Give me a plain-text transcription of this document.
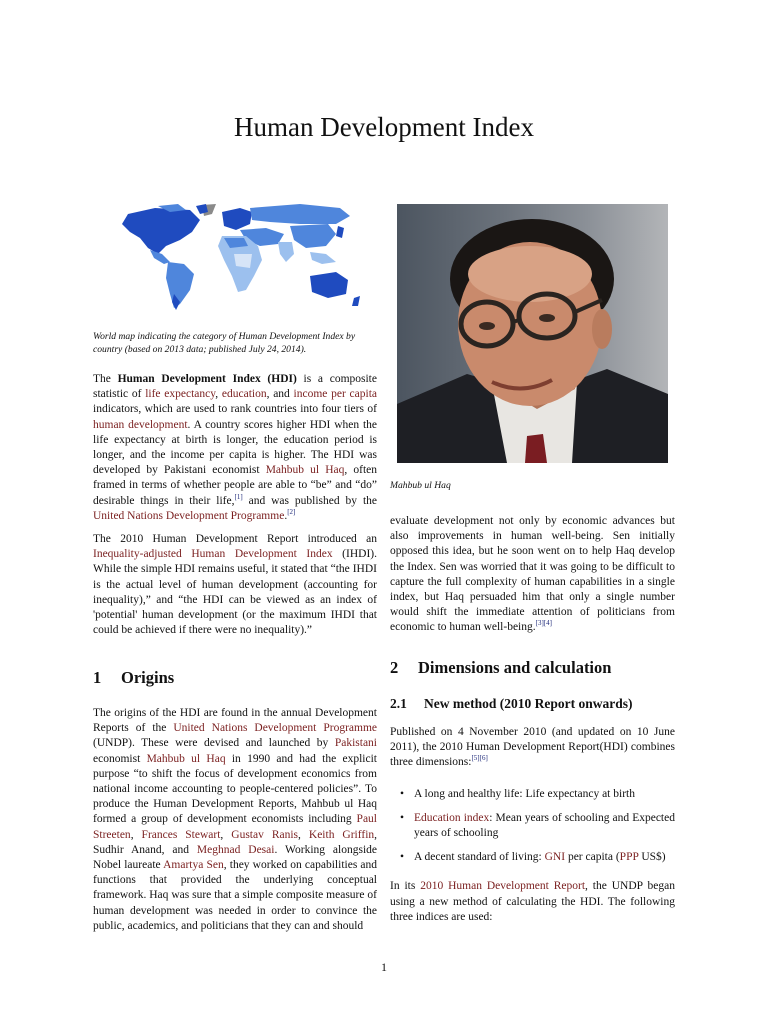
Human Development Index
World map indicating the category of Human Development Index by country (based on 2013 data; published July 24, 2014).

The Human Development Index (HDI) is a composite statistic of life expectancy, education, and income per capita indicators, which are used to rank countries into four tiers of human development. A country scores higher HDI when the life expectancy at birth is longer, the education period is longer, and the income per capita is higher. The HDI was developed by Pakistani economist Mahbub ul Haq, often framed in terms of whether people are able to “be” and “do” desirable things in their life,[1] and was published by the United Nations Development Programme.[2]

The 2010 Human Development Report introduced an Inequality-adjusted Human Development Index (IHDI). While the simple HDI remains useful, it stated that “the IHDI is the actual level of human development (accounting for inequality),” and “the HDI can be viewed as an index of 'potential' human development (or the maximum IHDI that could be achieved if there were no inequality).”

1 Origins

The origins of the HDI are found in the annual Development Reports of the United Nations Development Programme (UNDP). These were devised and launched by Pakistani economist Mahbub ul Haq in 1990 and had the explicit purpose “to shift the focus of development economics from national income accounting to people-centered policies”. To produce the Human Development Reports, Mahbub ul Haq formed a group of development economists including Paul Streeten, Frances Stewart, Gustav Ranis, Keith Griffin, Sudhir Anand, and Meghnad Desai. Working alongside Nobel laureate Amartya Sen, they worked on capabilities and functions that provided the underlying conceptual framework. Haq was sure that a simple composite measure of human development was needed in order to convince the public, academics, and politicians that they can and should

Mahbub ul Haq

evaluate development not only by economic advances but also improvements in human well-being. Sen initially opposed this idea, but he soon went on to help Haq develop the Index. Sen was worried that it was going to be difficult to capture the full complexity of human capabilities in a single index, but Haq persuaded him that only a single number would shift the immediate attention of politicians from economic to human well-being.[3][4]

2 Dimensions and calculation
2.1 New method (2010 Report onwards)

Published on 4 November 2010 (and updated on 10 June 2011), the 2010 Human Development Report(HDI) combines three dimensions:[5][6]

• A long and healthy life: Life expectancy at birth
• Education index: Mean years of schooling and Expected years of schooling
• A decent standard of living: GNI per capita (PPP US$)

In its 2010 Human Development Report, the UNDP began using a new method of calculating the HDI. The following three indices are used:

1
